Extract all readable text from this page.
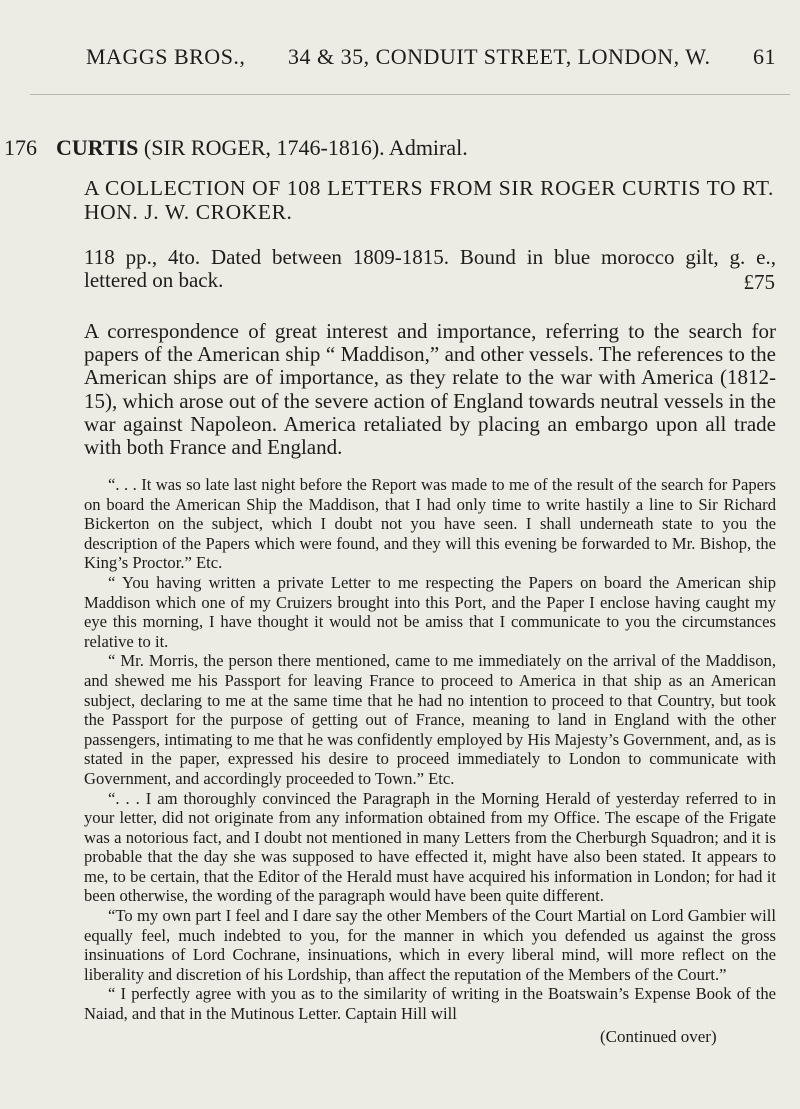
MAGGS BROS., 34 & 35, CONDUIT STREET, LONDON, W. 61
176 CURTIS (SIR ROGER, 1746-1816). Admiral.
A COLLECTION OF 108 LETTERS FROM SIR ROGER CURTIS TO RT. HON. J. W. CROKER.
118 pp., 4to. Dated between 1809-1815. Bound in blue morocco gilt, g. e., lettered on back.	£75
A correspondence of great interest and importance, referring to the search for papers of the American ship “ Maddison,” and other vessels. The references to the American ships are of importance, as they relate to the war with America (1812-15), which arose out of the severe action of England towards neutral vessels in the war against Napoleon. America retaliated by placing an embargo upon all trade with both France and England.

“. . . It was so late last night before the Report was made to me of the result of the search for Papers on board the American Ship the Maddison, that I had only time to write hastily a line to Sir Richard Bickerton on the subject, which I doubt not you have seen. I shall underneath state to you the description of the Papers which were found, and they will this evening be forwarded to Mr. Bishop, the King’s Proctor.” Etc.

“ You having written a private Letter to me respecting the Papers on board the American ship Maddison which one of my Cruizers brought into this Port, and the Paper I enclose having caught my eye this morning, I have thought it would not be amiss that I communicate to you the circumstances relative to it.

“ Mr. Morris, the person there mentioned, came to me immediately on the arrival of the Maddison, and shewed me his Passport for leaving France to proceed to America in that ship as an American subject, declaring to me at the same time that he had no intention to proceed to that Country, but took the Passport for the purpose of getting out of France, meaning to land in England with the other passengers, intimating to me that he was confidently employed by His Majesty’s Government, and, as is stated in the paper, expressed his desire to proceed immediately to London to communicate with Government, and accordingly proceeded to Town.” Etc.

“. . . I am thoroughly convinced the Paragraph in the Morning Herald of yesterday referred to in your letter, did not originate from any information obtained from my Office. The escape of the Frigate was a notorious fact, and I doubt not mentioned in many Letters from the Cherburgh Squadron; and it is probable that the day she was supposed to have effected it, might have also been stated. It appears to me, to be certain, that the Editor of the Herald must have acquired his information in London; for had it been otherwise, the wording of the paragraph would have been quite different.

“To my own part I feel and I dare say the other Members of the Court Martial on Lord Gambier will equally feel, much indebted to you, for the manner in which you defended us against the gross insinuations of Lord Cochrane, insinuations, which in every liberal mind, will more reflect on the liberality and discretion of his Lordship, than affect the reputation of the Members of the Court.”

“ I perfectly agree with you as to the similarity of writing in the Boatswain’s Expense Book of the Naiad, and that in the Mutinous Letter. Captain Hill will

(Continued over)
